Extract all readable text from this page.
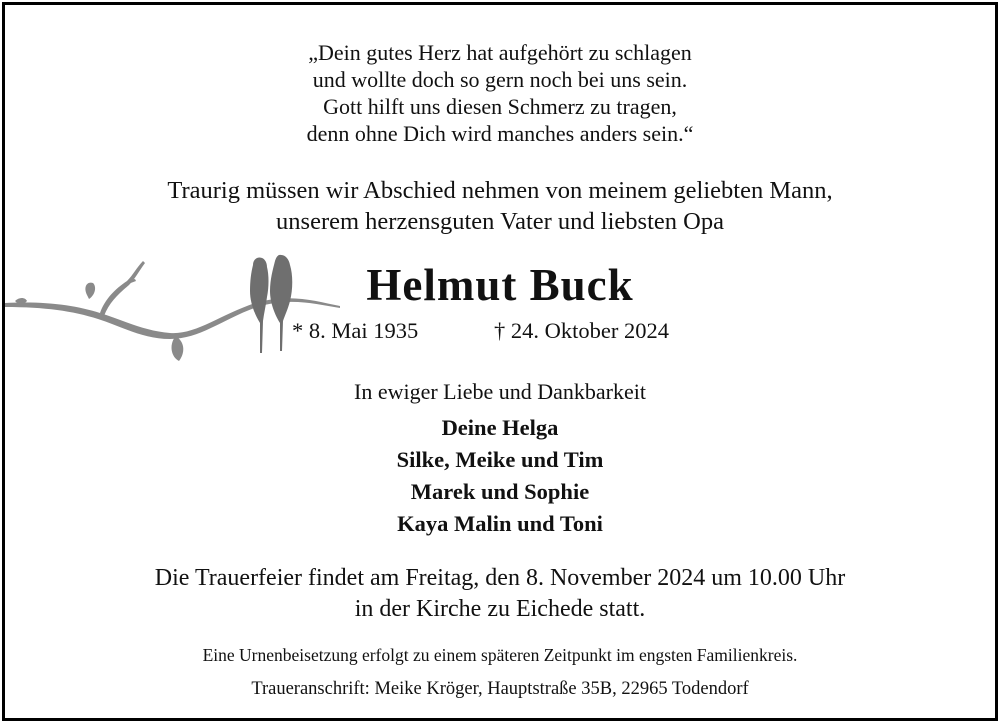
„Dein gutes Herz hat aufgehört zu schlagen
und wollte doch so gern noch bei uns sein.
Gott hilft uns diesen Schmerz zu tragen,
denn ohne Dich wird manches anders sein.“
Traurig müssen wir Abschied nehmen von meinem geliebten Mann,
unserem herzensguten Vater und liebsten Opa
Helmut Buck
* 8. Mai 1935	† 24. Oktober 2024
In ewiger Liebe und Dankbarkeit
Deine Helga
Silke, Meike und Tim
Marek und Sophie
Kaya Malin und Toni
Die Trauerfeier findet am Freitag, den 8. November 2024 um 10.00 Uhr
in der Kirche zu Eichede statt.
Eine Urnenbeisetzung erfolgt zu einem späteren Zeitpunkt im engsten Familienkreis.
Traueranschrift: Meike Kröger, Hauptstraße 35B, 22965 Todendorf
